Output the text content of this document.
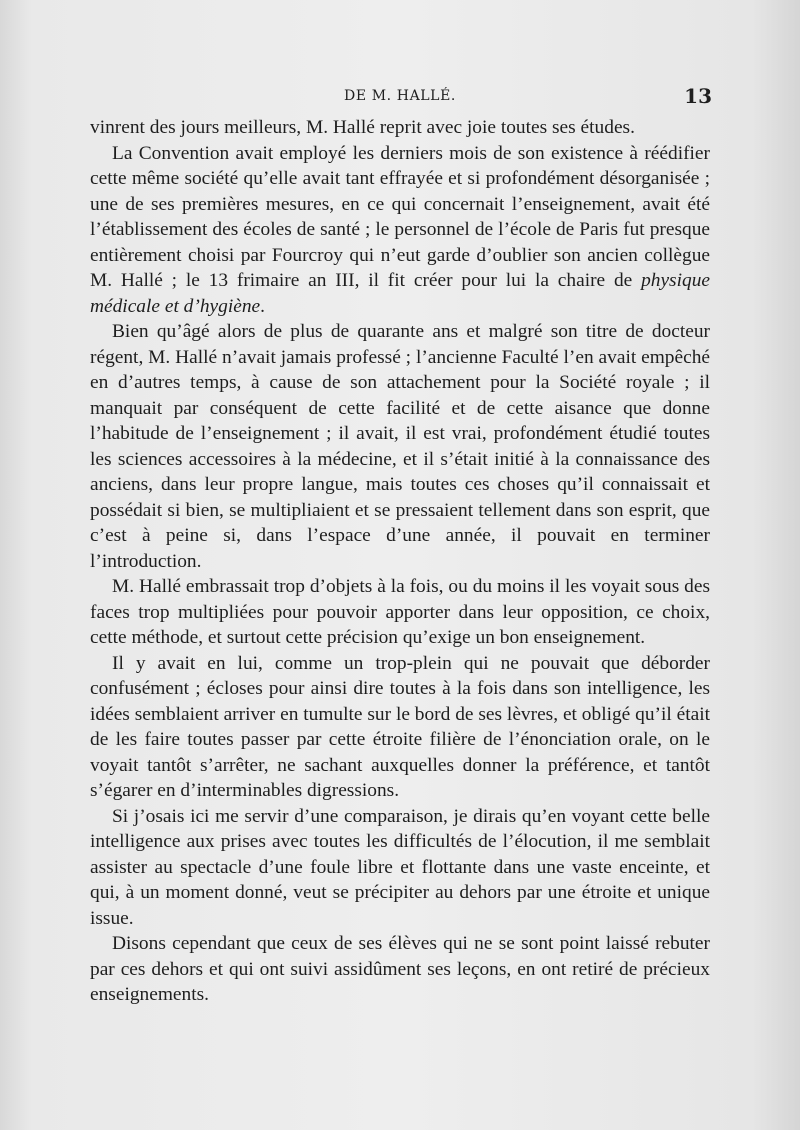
DE M. HALLÉ.	13

vinrent des jours meilleurs, M. Hallé reprit avec joie toutes ses études.

La Convention avait employé les derniers mois de son existence à réédifier cette même société qu’elle avait tant effrayée et si profondément désorganisée ; une de ses premières mesures, en ce qui concernait l’enseignement, avait été l’établissement des écoles de santé ; le personnel de l’école de Paris fut presque entièrement choisi par Fourcroy qui n’eut garde d’oublier son ancien collègue M. Hallé ; le 13 frimaire an III, il fit créer pour lui la chaire de physique médicale et d’hygiène.

Bien qu’âgé alors de plus de quarante ans et malgré son titre de docteur régent, M. Hallé n’avait jamais professé ; l’ancienne Faculté l’en avait empêché en d’autres temps, à cause de son attachement pour la Société royale ; il manquait par conséquent de cette facilité et de cette aisance que donne l’habitude de l’enseignement ; il avait, il est vrai, profondément étudié toutes les sciences accessoires à la médecine, et il s’était initié à la connaissance des anciens, dans leur propre langue, mais toutes ces choses qu’il connaissait et possédait si bien, se multipliaient et se pressaient tellement dans son esprit, que c’est à peine si, dans l’espace d’une année, il pouvait en terminer l’introduction.

M. Hallé embrassait trop d’objets à la fois, ou du moins il les voyait sous des faces trop multipliées pour pouvoir apporter dans leur opposition, ce choix, cette méthode, et surtout cette précision qu’exige un bon enseignement.

Il y avait en lui, comme un trop-plein qui ne pouvait que déborder confusément ; écloses pour ainsi dire toutes à la fois dans son intelligence, les idées semblaient arriver en tumulte sur le bord de ses lèvres, et obligé qu’il était de les faire toutes passer par cette étroite filière de l’énonciation orale, on le voyait tantôt s’arrêter, ne sachant auxquelles donner la préférence, et tantôt s’égarer en d’interminables digressions.

Si j’osais ici me servir d’une comparaison, je dirais qu’en voyant cette belle intelligence aux prises avec toutes les difficultés de l’élocution, il me semblait assister au spectacle d’une foule libre et flottante dans une vaste enceinte, et qui, à un moment donné, veut se précipiter au dehors par une étroite et unique issue.

Disons cependant que ceux de ses élèves qui ne se sont point laissé rebuter par ces dehors et qui ont suivi assidûment ses leçons, en ont retiré de précieux enseignements.
